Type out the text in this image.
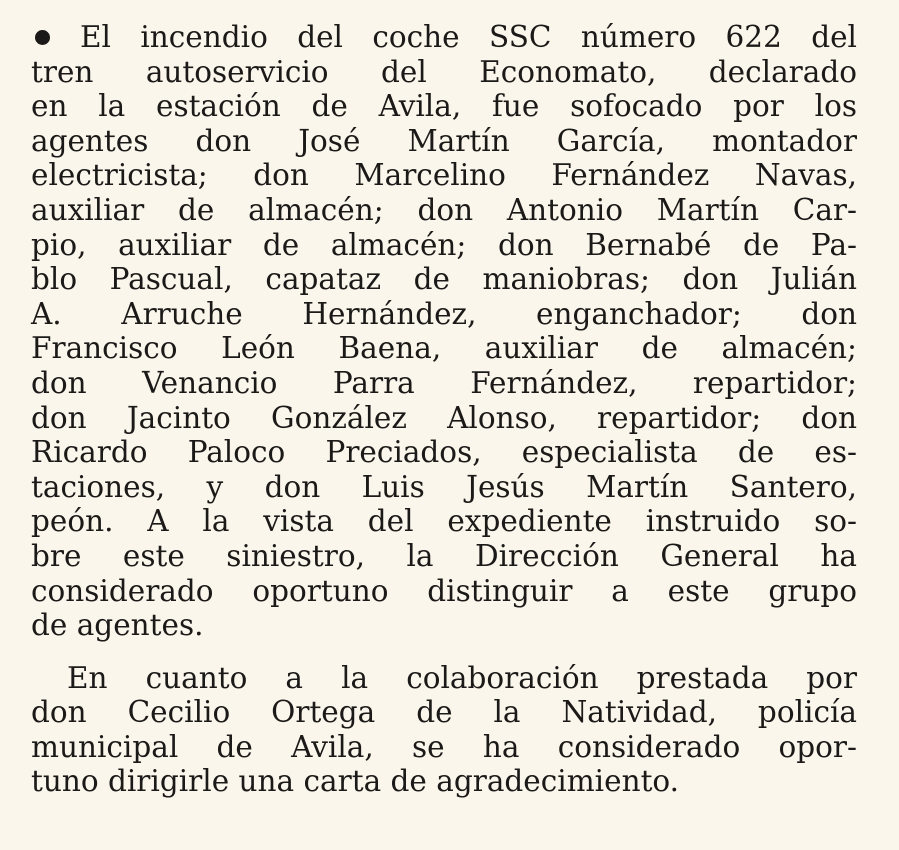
El incendio del coche SSC número 622 del
tren autoservicio del Economato, declarado
en la estación de Avila, fue sofocado por los
agentes don José Martín García, montador
electricista; don Marcelino Fernández Navas,
auxiliar de almacén; don Antonio Martín Car-
pio, auxiliar de almacén; don Bernabé de Pa-
blo Pascual, capataz de maniobras; don Julián
A. Arruche Hernández, enganchador; don
Francisco León Baena, auxiliar de almacén;
don Venancio Parra Fernández, repartidor;
don Jacinto González Alonso, repartidor; don
Ricardo Paloco Preciados, especialista de es-
taciones, y don Luis Jesús Martín Santero,
peón. A la vista del expediente instruido so-
bre este siniestro, la Dirección General ha
considerado oportuno distinguir a este grupo
de agentes.
En cuanto a la colaboración prestada por
don Cecilio Ortega de la Natividad, policía
municipal de Avila, se ha considerado opor-
tuno dirigirle una carta de agradecimiento.
